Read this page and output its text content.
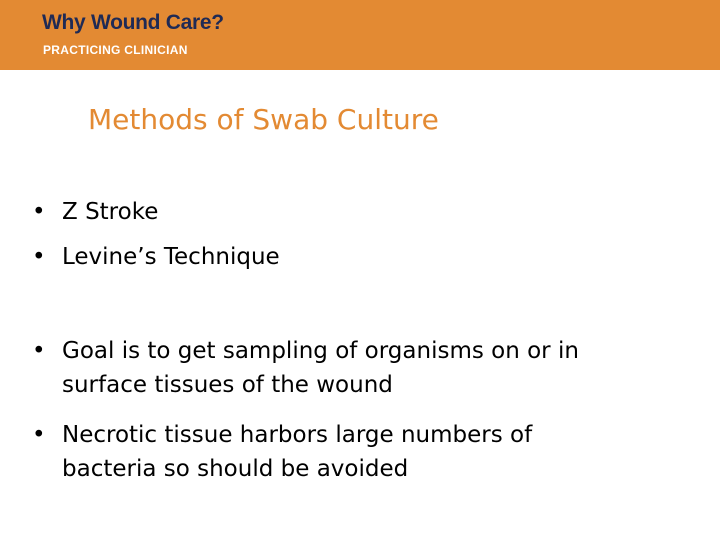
Why Wound Care?
PRACTICING CLINICIAN
Methods of Swab Culture
• Z Stroke
• Levine’s Technique
• Goal is to get sampling of organisms on or in surface tissues of the wound
• Necrotic tissue harbors large numbers of bacteria so should be avoided
